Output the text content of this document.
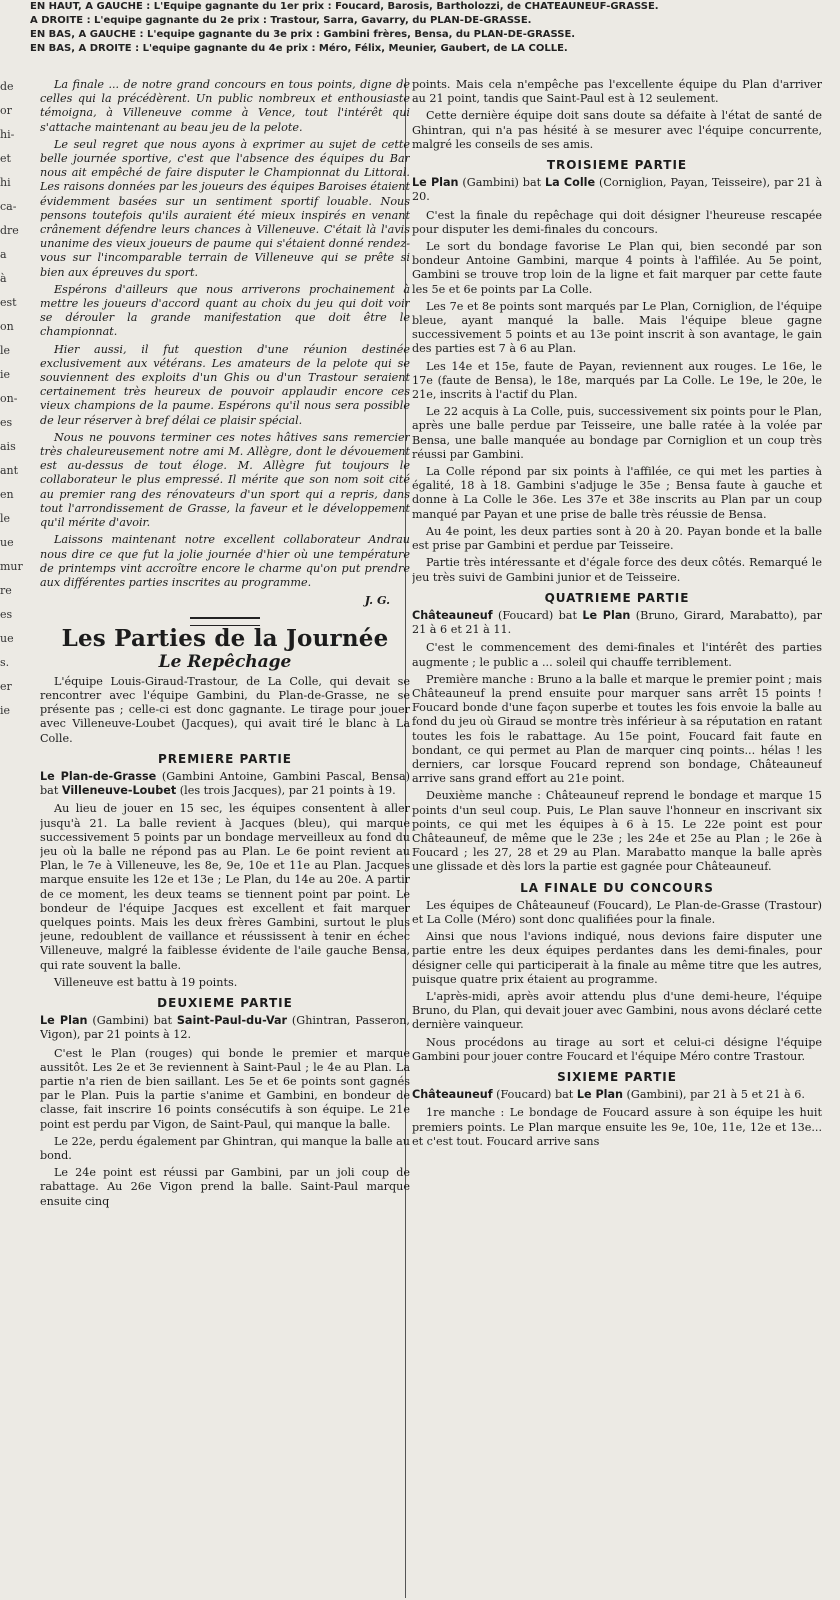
EN HAUT, A GAUCHE : L'Equipe gagnante du 1er prix : Foucard, Barosis, Bartholozzi, de CHATEAUNEUF-GRASSE.
A DROITE : L'equipe gagnante du 2e prix : Trastour, Sarra, Gavarry, du PLAN-DE-GRASSE.
EN BAS, A GAUCHE : L'equipe gagnante du 3e prix : Gambini frères, Bensa, du PLAN-DE-GRASSE.
EN BAS, A DROITE : L'equipe gagnante du 4e prix : Méro, Félix, Meunier, Gaubert, de LA COLLE.
de
or
hi-
et
hi
ca-
dre
a
à
est
on
le
ie
on-
es
ais
ant
en
le
ue
mur
re
es
ue
s.
er
ie

La finale ... de notre grand concours en tous points, digne de celles qui la précédèrent. Un public nombreux et enthousiaste témoigna, à Villeneuve comme à Vence, tout l'intérêt qui s'attache maintenant au beau jeu de la pelote.

Le seul regret que nous ayons à exprimer au sujet de cette belle journée sportive, c'est que l'absence des équipes du Bar nous ait empêché de faire disputer le Championnat du Littoral. Les raisons données par les joueurs des équipes Baroises étaient évidemment basées sur un sentiment sportif louable. Nous pensons toutefois qu'ils auraient été mieux inspirés en venant crânement défendre leurs chances à Villeneuve. C'était là l'avis unanime des vieux joueurs de paume qui s'étaient donné rendez-vous sur l'incomparable terrain de Villeneuve qui se prête si bien aux épreuves du sport.

Espérons d'ailleurs que nous arriverons prochainement à mettre les joueurs d'accord quant au choix du jeu qui doit voir se dérouler la grande manifestation que doit être le championnat.

Hier aussi, il fut question d'une réunion destinée exclusivement aux vétérans. Les amateurs de la pelote qui se souviennent des exploits d'un Ghis ou d'un Trastour seraient certainement très heureux de pouvoir applaudir encore ces vieux champions de la paume. Espérons qu'il nous sera possible de leur réserver à bref délai ce plaisir spécial.

Nous ne pouvons terminer ces notes hâtives sans remercier très chaleureusement notre ami M. Allègre, dont le dévouement est au-dessus de tout éloge. M. Allègre fut toujours le collaborateur le plus empressé. Il mérite que son nom soit cité au premier rang des rénovateurs d'un sport qui a repris, dans tout l'arrondissement de Grasse, la faveur et le développement qu'il mérite d'avoir.

Laissons maintenant notre excellent collaborateur Andrau nous dire ce que fut la jolie journée d'hier où une température de printemps vint accroître encore le charme qu'on put prendre aux différentes parties inscrites au programme.

J. G.
Les Parties de la Journée
Le Repêchage

L'équipe Louis-Giraud-Trastour, de La Colle, qui devait se rencontrer avec l'équipe Gambini, du Plan-de-Grasse, ne se présente pas ; celle-ci est donc gagnante. Le tirage pour jouer avec Villeneuve-Loubet (Jacques), qui avait tiré le blanc à La Colle.

PREMIERE PARTIE

Le Plan-de-Grasse (Gambini Antoine, Gambini Pascal, Bensa) bat Villeneuve-Loubet (les trois Jacques), par 21 points à 19.

Au lieu de jouer en 15 sec, les équipes consentent à aller jusqu'à 21. La balle revient à Jacques (bleu), qui marque successivement 5 points par un bondage merveilleux au fond du jeu où la balle ne répond pas au Plan. Le 6e point revient au Plan, le 7e à Villeneuve, les 8e, 9e, 10e et 11e au Plan. Jacques marque ensuite les 12e et 13e ; Le Plan, du 14e au 20e. A partir de ce moment, les deux teams se tiennent point par point. Le bondeur de l'équipe Jacques est excellent et fait marquer quelques points. Mais les deux frères Gambini, surtout le plus jeune, redoublent de vaillance et réussissent à tenir en échec Villeneuve, malgré la faiblesse évidente de l'aile gauche Bensa, qui rate souvent la balle.

Villeneuve est battu à 19 points.

DEUXIEME PARTIE

Le Plan (Gambini) bat Saint-Paul-du-Var (Ghintran, Passeron, Vigon), par 21 points à 12.

C'est le Plan (rouges) qui bonde le premier et marque aussitôt. Les 2e et 3e reviennent à Saint-Paul ; le 4e au Plan. La partie n'a rien de bien saillant. Les 5e et 6e points sont gagnés par le Plan. Puis la partie s'anime et Gambini, en bondeur de classe, fait inscrire 16 points consécutifs à son équipe. Le 21e point est perdu par Vigon, de Saint-Paul, qui manque la balle.

Le 22e, perdu également par Ghintran, qui manque la balle au bond.

Le 24e point est réussi par Gambini, par un joli coup de rabattage. Au 26e Vigon prend la balle. Saint-Paul marque ensuite cinq

points. Mais cela n'empêche pas l'excellente équipe du Plan d'arriver au 21 point, tandis que Saint-Paul est à 12 seulement.

Cette dernière équipe doit sans doute sa défaite à l'état de santé de Ghintran, qui n'a pas hésité à se mesurer avec l'équipe concurrente, malgré les conseils de ses amis.

TROISIEME PARTIE

Le Plan (Gambini) bat La Colle (Corniglion, Payan, Teisseire), par 21 à 20.

C'est la finale du repêchage qui doit désigner l'heureuse rescapée pour disputer les demi-finales du concours.

Le sort du bondage favorise Le Plan qui, bien secondé par son bondeur Antoine Gambini, marque 4 points à l'affilée. Au 5e point, Gambini se trouve trop loin de la ligne et fait marquer par cette faute les 5e et 6e points par La Colle.

Les 7e et 8e points sont marqués par Le Plan, Corniglion, de l'équipe bleue, ayant manqué la balle. Mais l'équipe bleue gagne successivement 5 points et au 13e point inscrit à son avantage, le gain des parties est 7 à 6 au Plan.

Les 14e et 15e, faute de Payan, reviennent aux rouges. Le 16e, le 17e (faute de Bensa), le 18e, marqués par La Colle. Le 19e, le 20e, le 21e, inscrits à l'actif du Plan.

Le 22 acquis à La Colle, puis, successivement six points pour le Plan, après une balle perdue par Teisseire, une balle ratée à la volée par Bensa, une balle manquée au bondage par Corniglion et un coup très réussi par Gambini.

La Colle répond par six points à l'affilée, ce qui met les parties à égalité, 18 à 18. Gambini s'adjuge le 35e ; Bensa faute à gauche et donne à La Colle le 36e. Les 37e et 38e inscrits au Plan par un coup manqué par Payan et une prise de balle très réussie de Bensa.

Au 4e point, les deux parties sont à 20 à 20. Payan bonde et la balle est prise par Gambini et perdue par Teisseire.

Partie très intéressante et d'égale force des deux côtés. Remarqué le jeu très suivi de Gambini junior et de Teisseire.

QUATRIEME PARTIE

Châteauneuf (Foucard) bat Le Plan (Bruno, Girard, Marabatto), par 21 à 6 et 21 à 11.

C'est le commencement des demi-finales et l'intérêt des parties augmente ; le public a ... soleil qui chauffe terriblement.

Première manche : Bruno a la balle et marque le premier point ; mais Châteauneuf la prend ensuite pour marquer sans arrêt 15 points ! Foucard bonde d'une façon superbe et toutes les fois envoie la balle au fond du jeu où Giraud se montre très inférieur à sa réputation en ratant toutes les fois le rabattage. Au 15e point, Foucard fait faute en bondant, ce qui permet au Plan de marquer cinq points... hélas ! les derniers, car lorsque Foucard reprend son bondage, Châteauneuf arrive sans grand effort au 21e point.

Deuxième manche : Châteauneuf reprend le bondage et marque 15 points d'un seul coup. Puis, Le Plan sauve l'honneur en inscrivant six points, ce qui met les équipes à 6 à 15. Le 22e point est pour Châteauneuf, de même que le 23e ; les 24e et 25e au Plan ; le 26e à Foucard ; les 27, 28 et 29 au Plan. Marabatto manque la balle après une glissade et dès lors la partie est gagnée pour Châteauneuf.

LA FINALE DU CONCOURS

Les équipes de Châteauneuf (Foucard), Le Plan-de-Grasse (Trastour) et La Colle (Méro) sont donc qualifiées pour la finale.

Ainsi que nous l'avions indiqué, nous devions faire disputer une partie entre les deux équipes perdantes dans les demi-finales, pour désigner celle qui participerait à la finale au même titre que les autres, puisque quatre prix étaient au programme.

L'après-midi, après avoir attendu plus d'une demi-heure, l'équipe Bruno, du Plan, qui devait jouer avec Gambini, nous avons déclaré cette dernière vainqueur.

Nous procédons au tirage au sort et celui-ci désigne l'équipe Gambini pour jouer contre Foucard et l'équipe Méro contre Trastour.

SIXIEME PARTIE

Châteauneuf (Foucard) bat Le Plan (Gambini), par 21 à 5 et 21 à 6.

1re manche : Le bondage de Foucard assure à son équipe les huit premiers points. Le Plan marque ensuite les 9e, 10e, 11e, 12e et 13e... et c'est tout. Foucard arrive sans
